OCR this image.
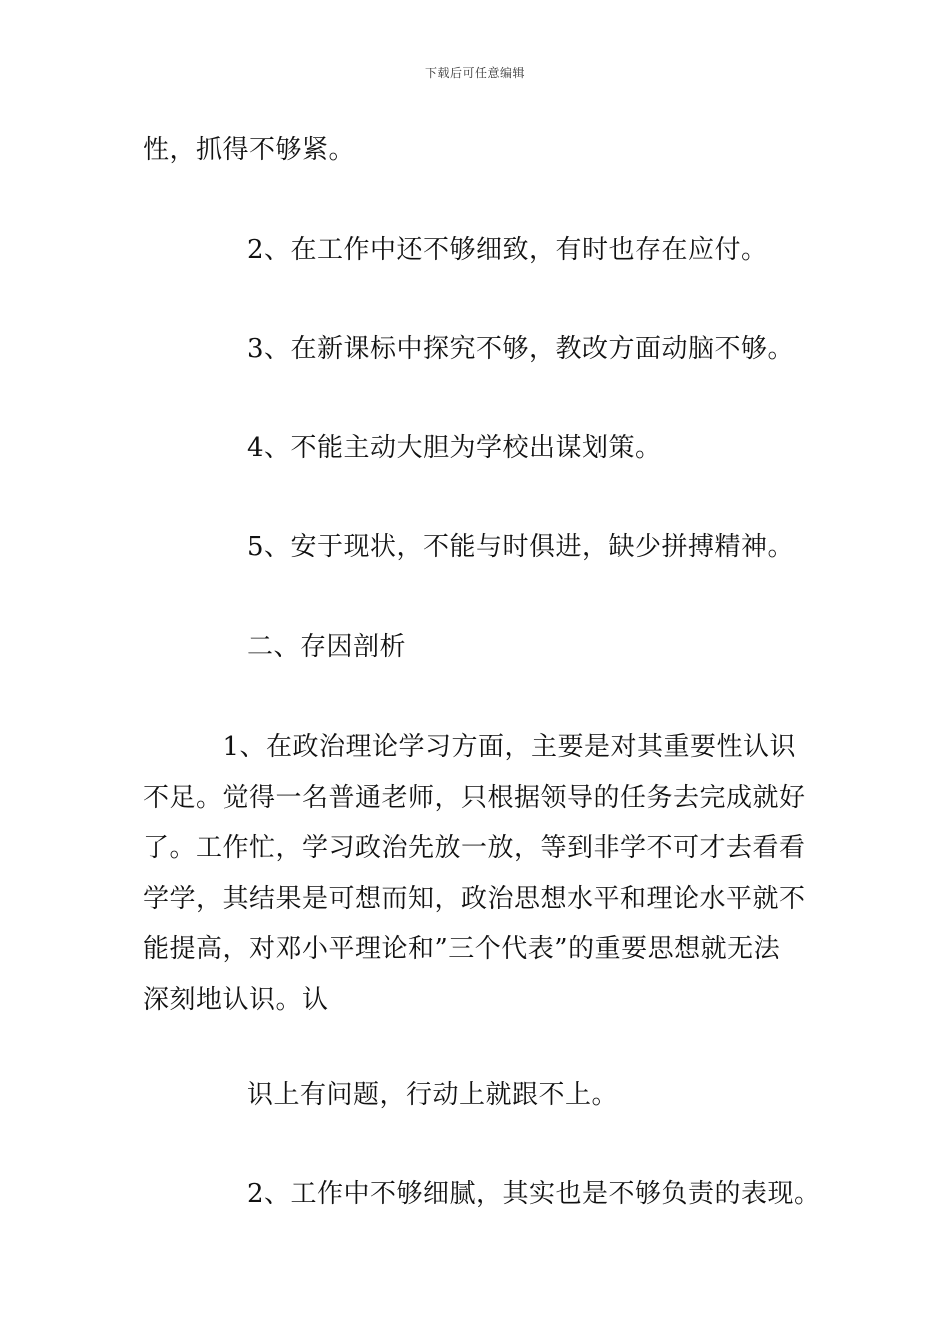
下载后可任意编辑
性，抓得不够紧。
2、在工作中还不够细致，有时也存在应付。
3、在新课标中探究不够，教改方面动脑不够。
4、不能主动大胆为学校出谋划策。
5、安于现状，不能与时俱进，缺少拼搏精神。
二、存因剖析

　　　1、在政治理论学习方面，主要是对其重要性认识

不足。觉得一名普通老师，只根据领导的任务去完成就好

了。工作忙，学习政治先放一放，等到非学不可才去看看

学学，其结果是可想而知，政治思想水平和理论水平就不

能提高，对邓小平理论和”三个代表”的重要思想就无法

深刻地认识。认

识上有问题，行动上就跟不上。
2、工作中不够细腻，其实也是不够负责的表现。
